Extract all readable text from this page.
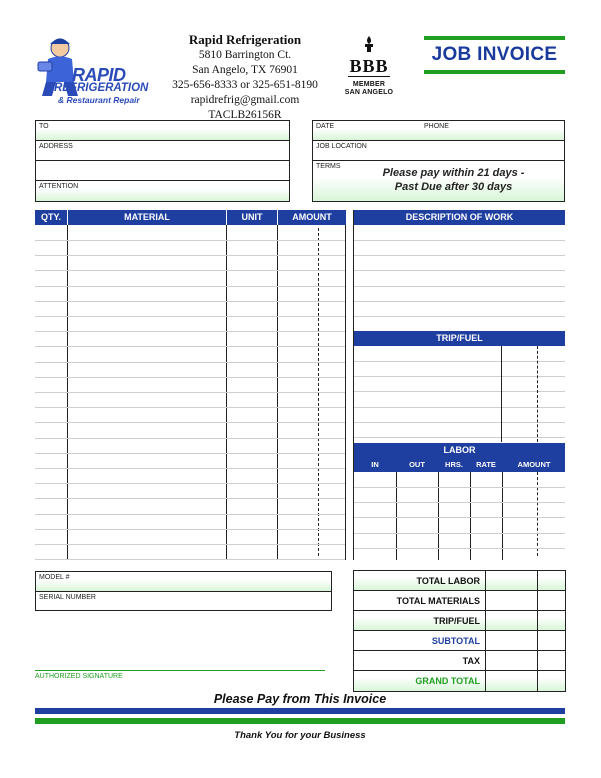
RAPID
REFRIGERATION
& Restaurant Repair
Rapid Refrigeration
5810 Barrington Ct.
San Angelo, TX 76901
325-656-8333 or 325-651-8190
rapidrefrig@gmail.com
TACLB26156R
BBB
MEMBER
SAN ANGELO
JOB INVOICE
TO
ADDRESS
ATTENTION
DATE	PHONE
JOB LOCATION
TERMS
Please pay within 21 days -
Past Due after 30 days
QTY.	MATERIAL	UNIT	AMOUNT	DESCRIPTION OF WORK
TRIP/FUEL
LABOR
IN	OUT	HRS.	RATE	AMOUNT
MODEL #
SERIAL NUMBER
AUTHORIZED SIGNATURE
TOTAL LABOR
TOTAL MATERIALS
TRIP/FUEL
SUBTOTAL
TAX
GRAND TOTAL
Please Pay from This Invoice
Thank You for your Business
